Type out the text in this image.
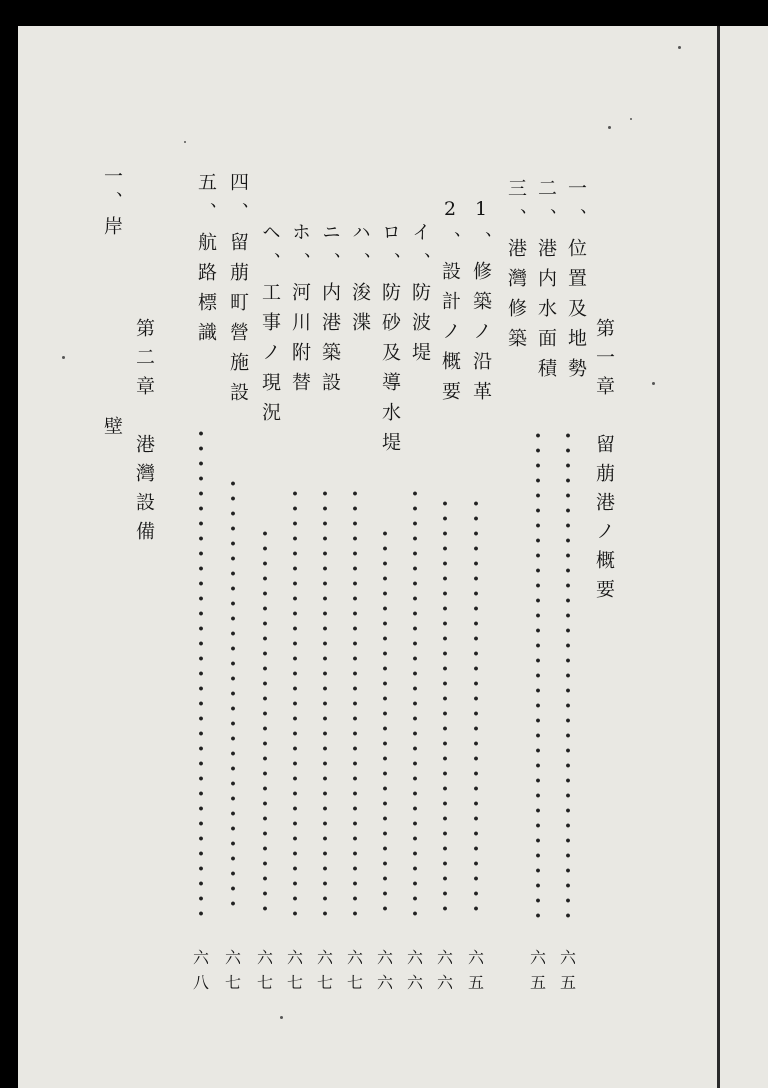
第一章　留萠港ノ概要
一、位置及地勢
二、港内水面積
三、港灣修築
1、修築ノ沿革
2、設計ノ概要
イ、防波堤
ロ、防砂及導水堤
ハ、浚渫
ニ、内港築設
ホ、河川附替
ヘ、工事ノ現況
四、留萠町營施設
五、航路標識
第二章　港灣設備
一、岸　　　　　　　壁
六
五
六
五
六
五
六
六
六
六
六
六
六
七
六
七
六
七
六
七
六
七
六
八
